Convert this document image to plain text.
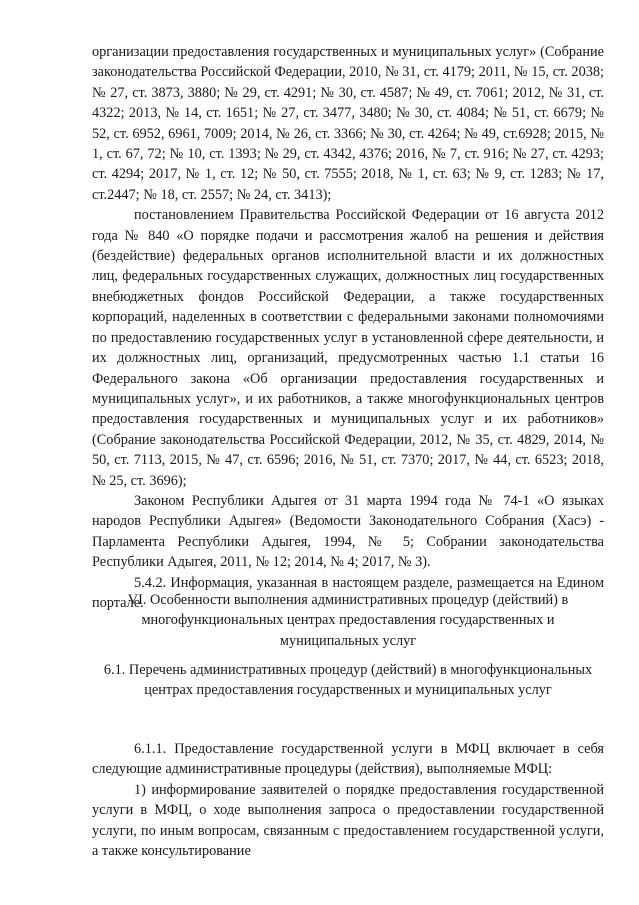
организации предоставления государственных и муниципальных услуг» (Собрание законодательства Российской Федерации, 2010, № 31, ст. 4179; 2011, № 15, ст. 2038; № 27, ст. 3873, 3880; № 29, ст. 4291; № 30, ст. 4587; № 49, ст. 7061; 2012, № 31, ст. 4322; 2013, № 14, ст. 1651; № 27, ст. 3477, 3480; № 30, ст. 4084; № 51, ст. 6679; № 52, ст. 6952, 6961, 7009; 2014, № 26, ст. 3366; № 30, ст. 4264; № 49, ст.6928; 2015, № 1, ст. 67, 72; № 10, ст. 1393; № 29, ст. 4342, 4376; 2016, № 7, ст. 916; № 27, ст. 4293; ст. 4294; 2017, № 1, ст. 12; № 50, ст. 7555; 2018, № 1, ст. 63; № 9, ст. 1283; № 17, ст.2447; № 18, ст. 2557; № 24, ст. 3413);

постановлением Правительства Российской Федерации от 16 августа 2012 года № 840 «О порядке подачи и рассмотрения жалоб на решения и действия (бездействие) федеральных органов исполнительной власти и их должностных лиц, федеральных государственных служащих, должностных лиц государственных внебюджетных фондов Российской Федерации, а также государственных корпораций, наделенных в соответствии с федеральными законами полномочиями по предоставлению государственных услуг в установленной сфере деятельности, и их должностных лиц, организаций, предусмотренных частью 1.1 статьи 16 Федерального закона «Об организации предоставления государственных и муниципальных услуг», и их работников, а также многофункциональных центров предоставления государственных и муниципальных услуг и их работников» (Собрание законодательства Российской Федерации, 2012, № 35, ст. 4829, 2014, № 50, ст. 7113, 2015, № 47, ст. 6596; 2016, № 51, ст. 7370; 2017, № 44, ст. 6523; 2018, № 25, ст. 3696);

Законом Республики Адыгея от 31 марта 1994 года № 74-1 «О языках народов Республики Адыгея» (Ведомости Законодательного Собрания (Хасэ) - Парламента Республики Адыгея, 1994, № 5; Собрании законодательства Республики Адыгея, 2011, № 12; 2014, № 4; 2017, № 3).

5.4.2. Информация, указанная в настоящем разделе, размещается на Едином портале.

VI. Особенности выполнения административных процедур (действий) в многофункциональных центрах предоставления государственных и муниципальных услуг

6.1. Перечень административных процедур (действий) в многофункциональных центрах предоставления государственных и муниципальных услуг

6.1.1. Предоставление государственной услуги в МФЦ включает в себя следующие административные процедуры (действия), выполняемые МФЦ:

1) информирование заявителей о порядке предоставления государственной услуги в МФЦ, о ходе выполнения запроса о предоставлении государственной услуги, по иным вопросам, связанным с предоставлением государственной услуги, а также консультирование
